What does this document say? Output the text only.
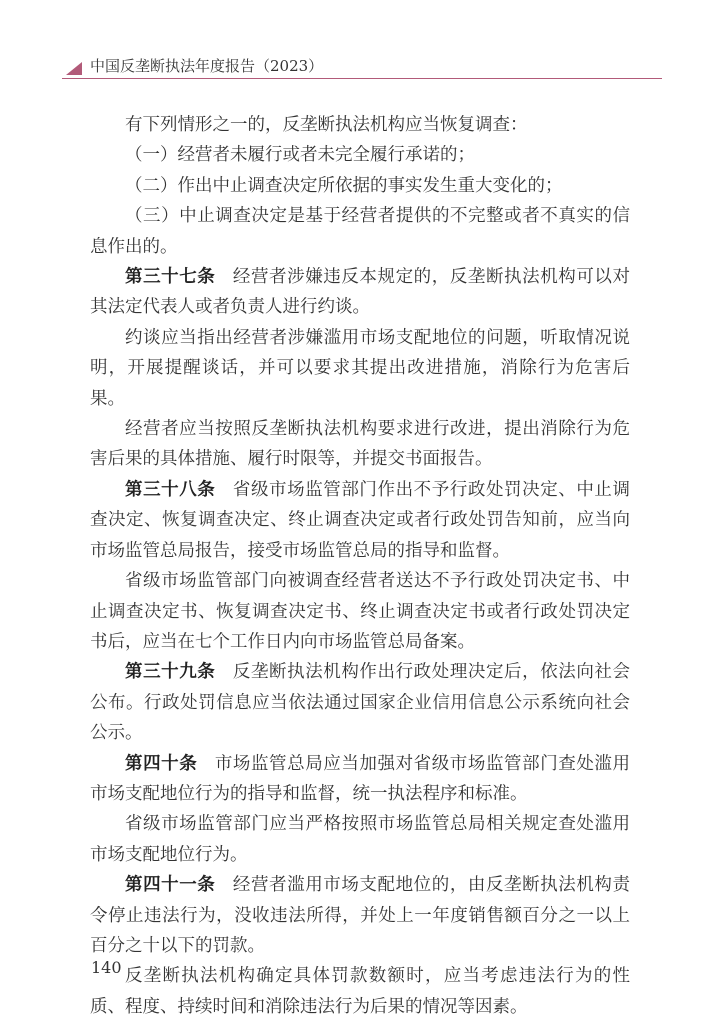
中国反垄断执法年度报告（2023）

有下列情形之一的，反垄断执法机构应当恢复调查：

（一）经营者未履行或者未完全履行承诺的；

（二）作出中止调查决定所依据的事实发生重大变化的；

（三）中止调查决定是基于经营者提供的不完整或者不真实的信息作出的。

第三十七条 经营者涉嫌违反本规定的，反垄断执法机构可以对其法定代表人或者负责人进行约谈。

约谈应当指出经营者涉嫌滥用市场支配地位的问题，听取情况说明，开展提醒谈话，并可以要求其提出改进措施，消除行为危害后果。

经营者应当按照反垄断执法机构要求进行改进，提出消除行为危害后果的具体措施、履行时限等，并提交书面报告。

第三十八条 省级市场监管部门作出不予行政处罚决定、中止调查决定、恢复调查决定、终止调查决定或者行政处罚告知前，应当向市场监管总局报告，接受市场监管总局的指导和监督。

省级市场监管部门向被调查经营者送达不予行政处罚决定书、中止调查决定书、恢复调查决定书、终止调查决定书或者行政处罚决定书后，应当在七个工作日内向市场监管总局备案。

第三十九条 反垄断执法机构作出行政处理决定后，依法向社会公布。行政处罚信息应当依法通过国家企业信用信息公示系统向社会公示。

第四十条 市场监管总局应当加强对省级市场监管部门查处滥用市场支配地位行为的指导和监督，统一执法程序和标准。

省级市场监管部门应当严格按照市场监管总局相关规定查处滥用市场支配地位行为。

第四十一条 经营者滥用市场支配地位的，由反垄断执法机构责令停止违法行为，没收违法所得，并处上一年度销售额百分之一以上百分之十以下的罚款。

反垄断执法机构确定具体罚款数额时，应当考虑违法行为的性质、程度、持续时间和消除违法行为后果的情况等因素。

140
